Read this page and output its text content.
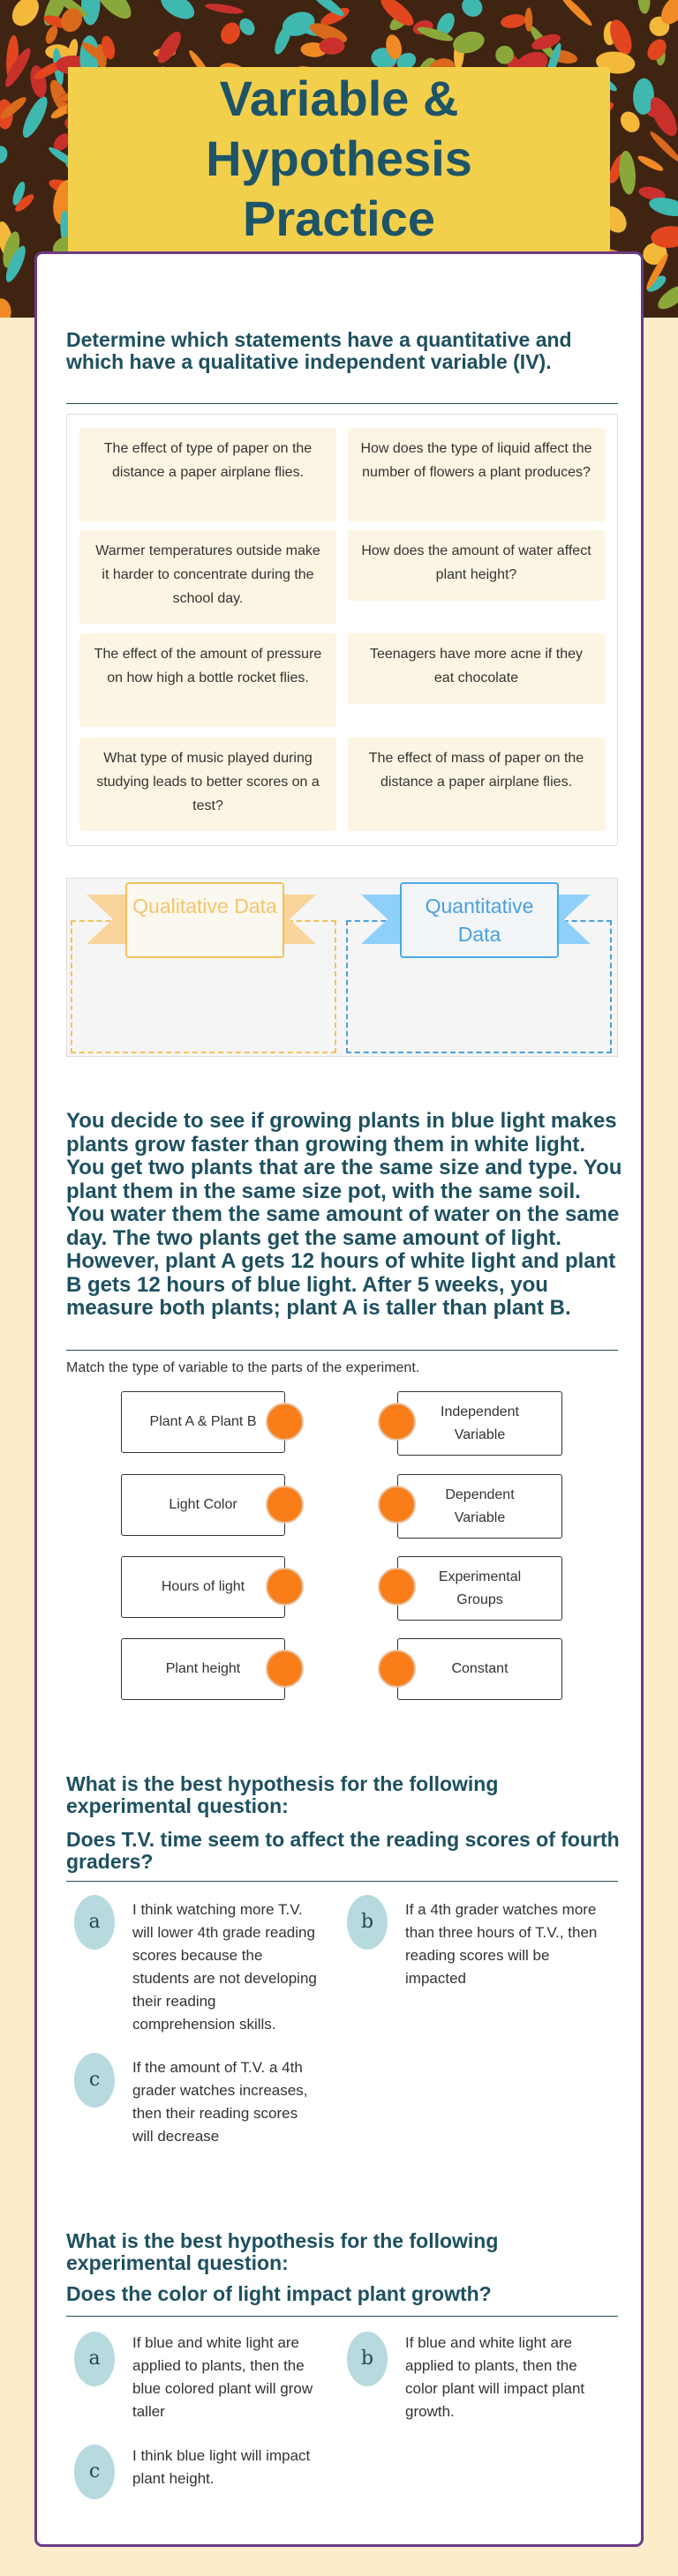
Variable &
Hypothesis
Practice
Determine which statements have a quantitative and which have a qualitative independent variable (IV).
The effect of type of paper on the distance a paper airplane flies.
How does the type of liquid affect the number of flowers a plant produces?
Warmer temperatures outside make it harder to concentrate during the school day.
How does the amount of water affect plant height?
The effect of the amount of pressure on how high a bottle rocket flies.
Teenagers have more acne if they eat chocolate
What type of music played during studying leads to better scores on a test?
The effect of mass of paper on the distance a paper airplane flies.
Qualitative Data	Quantitative Data
You decide to see if growing plants in blue light makes plants grow faster than growing them in white light. You get two plants that are the same size and type. You plant them in the same size pot, with the same soil. You water them the same amount of water on the same day. The two plants get the same amount of light. However, plant A gets 12 hours of white light and plant B gets 12 hours of blue light. After 5 weeks, you measure both plants; plant A is taller than plant B.
Match the type of variable to the parts of the experiment.
Plant A & Plant B
Light Color
Hours of light
Plant height
Independent Variable
Dependent Variable
Experimental Groups
Constant
What is the best hypothesis for the following experimental question:
Does T.V. time seem to affect the reading scores of fourth graders?
a
I think watching more T.V. will lower 4th grade reading scores because the students are not developing their reading comprehension skills.
b
If a 4th grader watches more than three hours of T.V., then reading scores will be impacted
c
If the amount of T.V. a 4th grader watches increases, then their reading scores will decrease
What is the best hypothesis for the following experimental question:
Does the color of light impact plant growth?
a
If blue and white light are applied to plants, then the blue colored plant will grow taller
b
If blue and white light are applied to plants, then the color plant will impact plant growth.
c
I think blue light will impact plant height.
